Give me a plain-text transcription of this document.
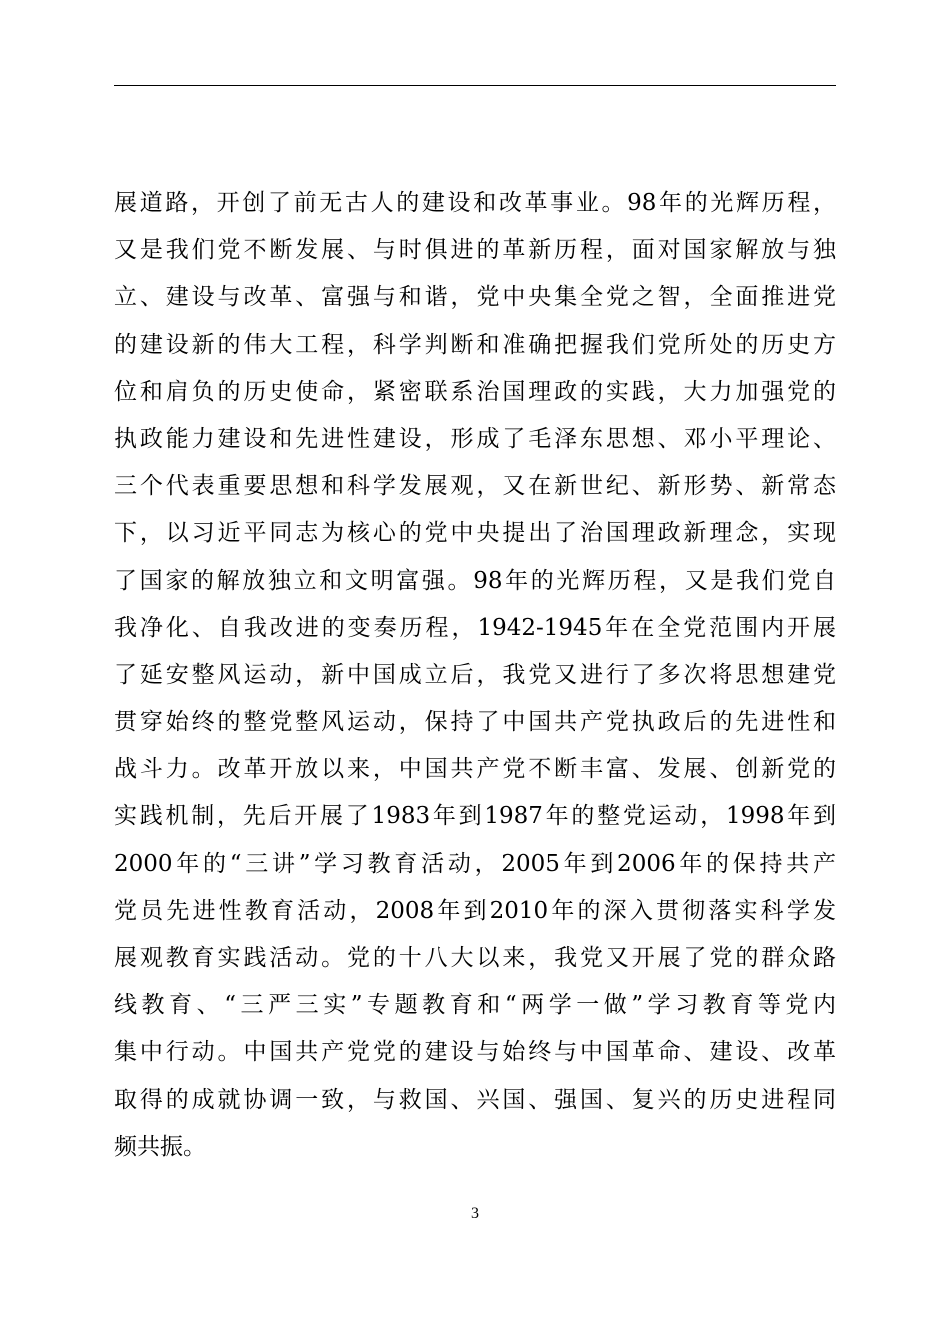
展道路，开创了前无古人的建设和改革事业。98年的光辉历程，
又是我们党不断发展、与时俱进的革新历程，面对国家解放与独
立、建设与改革、富强与和谐，党中央集全党之智，全面推进党
的建设新的伟大工程，科学判断和准确把握我们党所处的历史方
位和肩负的历史使命，紧密联系治国理政的实践，大力加强党的
执政能力建设和先进性建设，形成了毛泽东思想、邓小平理论、
三个代表重要思想和科学发展观，又在新世纪、新形势、新常态
下，以习近平同志为核心的党中央提出了治国理政新理念，实现
了国家的解放独立和文明富强。98年的光辉历程，又是我们党自
我净化、自我改进的变奏历程，1942-1945年在全党范围内开展
了延安整风运动，新中国成立后，我党又进行了多次将思想建党
贯穿始终的整党整风运动，保持了中国共产党执政后的先进性和
战斗力。改革开放以来，中国共产党不断丰富、发展、创新党的
实践机制，先后开展了1983年到1987年的整党运动，1998年到
2000年的“三讲”学习教育活动，2005年到2006年的保持共产
党员先进性教育活动，2008年到2010年的深入贯彻落实科学发
展观教育实践活动。党的十八大以来，我党又开展了党的群众路
线教育、“三严三实”专题教育和“两学一做”学习教育等党内
集中行动。中国共产党党的建设与始终与中国革命、建设、改革
取得的成就协调一致，与救国、兴国、强国、复兴的历史进程同
频共振。
3
